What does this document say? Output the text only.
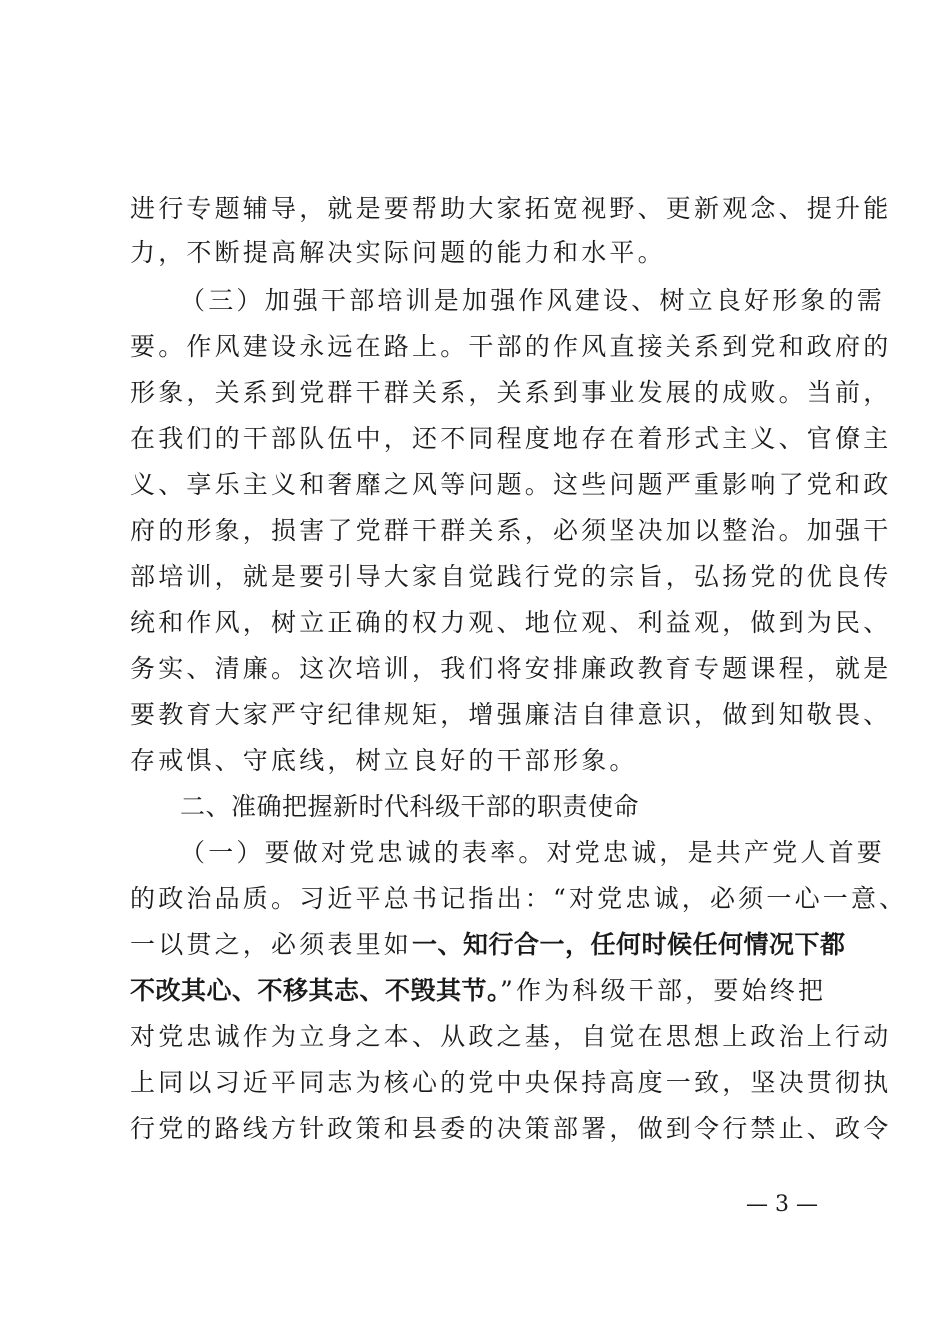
进行专题辅导，就是要帮助大家拓宽视野、更新观念、提升能
力，不断提高解决实际问题的能力和水平。
（三）加强干部培训是加强作风建设、树立良好形象的需
要。作风建设永远在路上。干部的作风直接关系到党和政府的
形象，关系到党群干群关系，关系到事业发展的成败。当前，
在我们的干部队伍中，还不同程度地存在着形式主义、官僚主
义、享乐主义和奢靡之风等问题。这些问题严重影响了党和政
府的形象，损害了党群干群关系，必须坚决加以整治。加强干
部培训，就是要引导大家自觉践行党的宗旨，弘扬党的优良传
统和作风，树立正确的权力观、地位观、利益观，做到为民、
务实、清廉。这次培训，我们将安排廉政教育专题课程，就是
要教育大家严守纪律规矩，增强廉洁自律意识，做到知敬畏、
存戒惧、守底线，树立良好的干部形象。
二、准确把握新时代科级干部的职责使命
（一）要做对党忠诚的表率。对党忠诚，是共产党人首要
的政治品质。习近平总书记指出：“对党忠诚，必须一心一意、
一以贯之，必须表里如一、知行合一，任何时候任何情况下都
不改其心、不移其志、不毁其节。”作为科级干部，要始终把
对党忠诚作为立身之本、从政之基，自觉在思想上政治上行动
上同以习近平同志为核心的党中央保持高度一致，坚决贯彻执
行党的路线方针政策和县委的决策部署，做到令行禁止、政令
— 3 —
